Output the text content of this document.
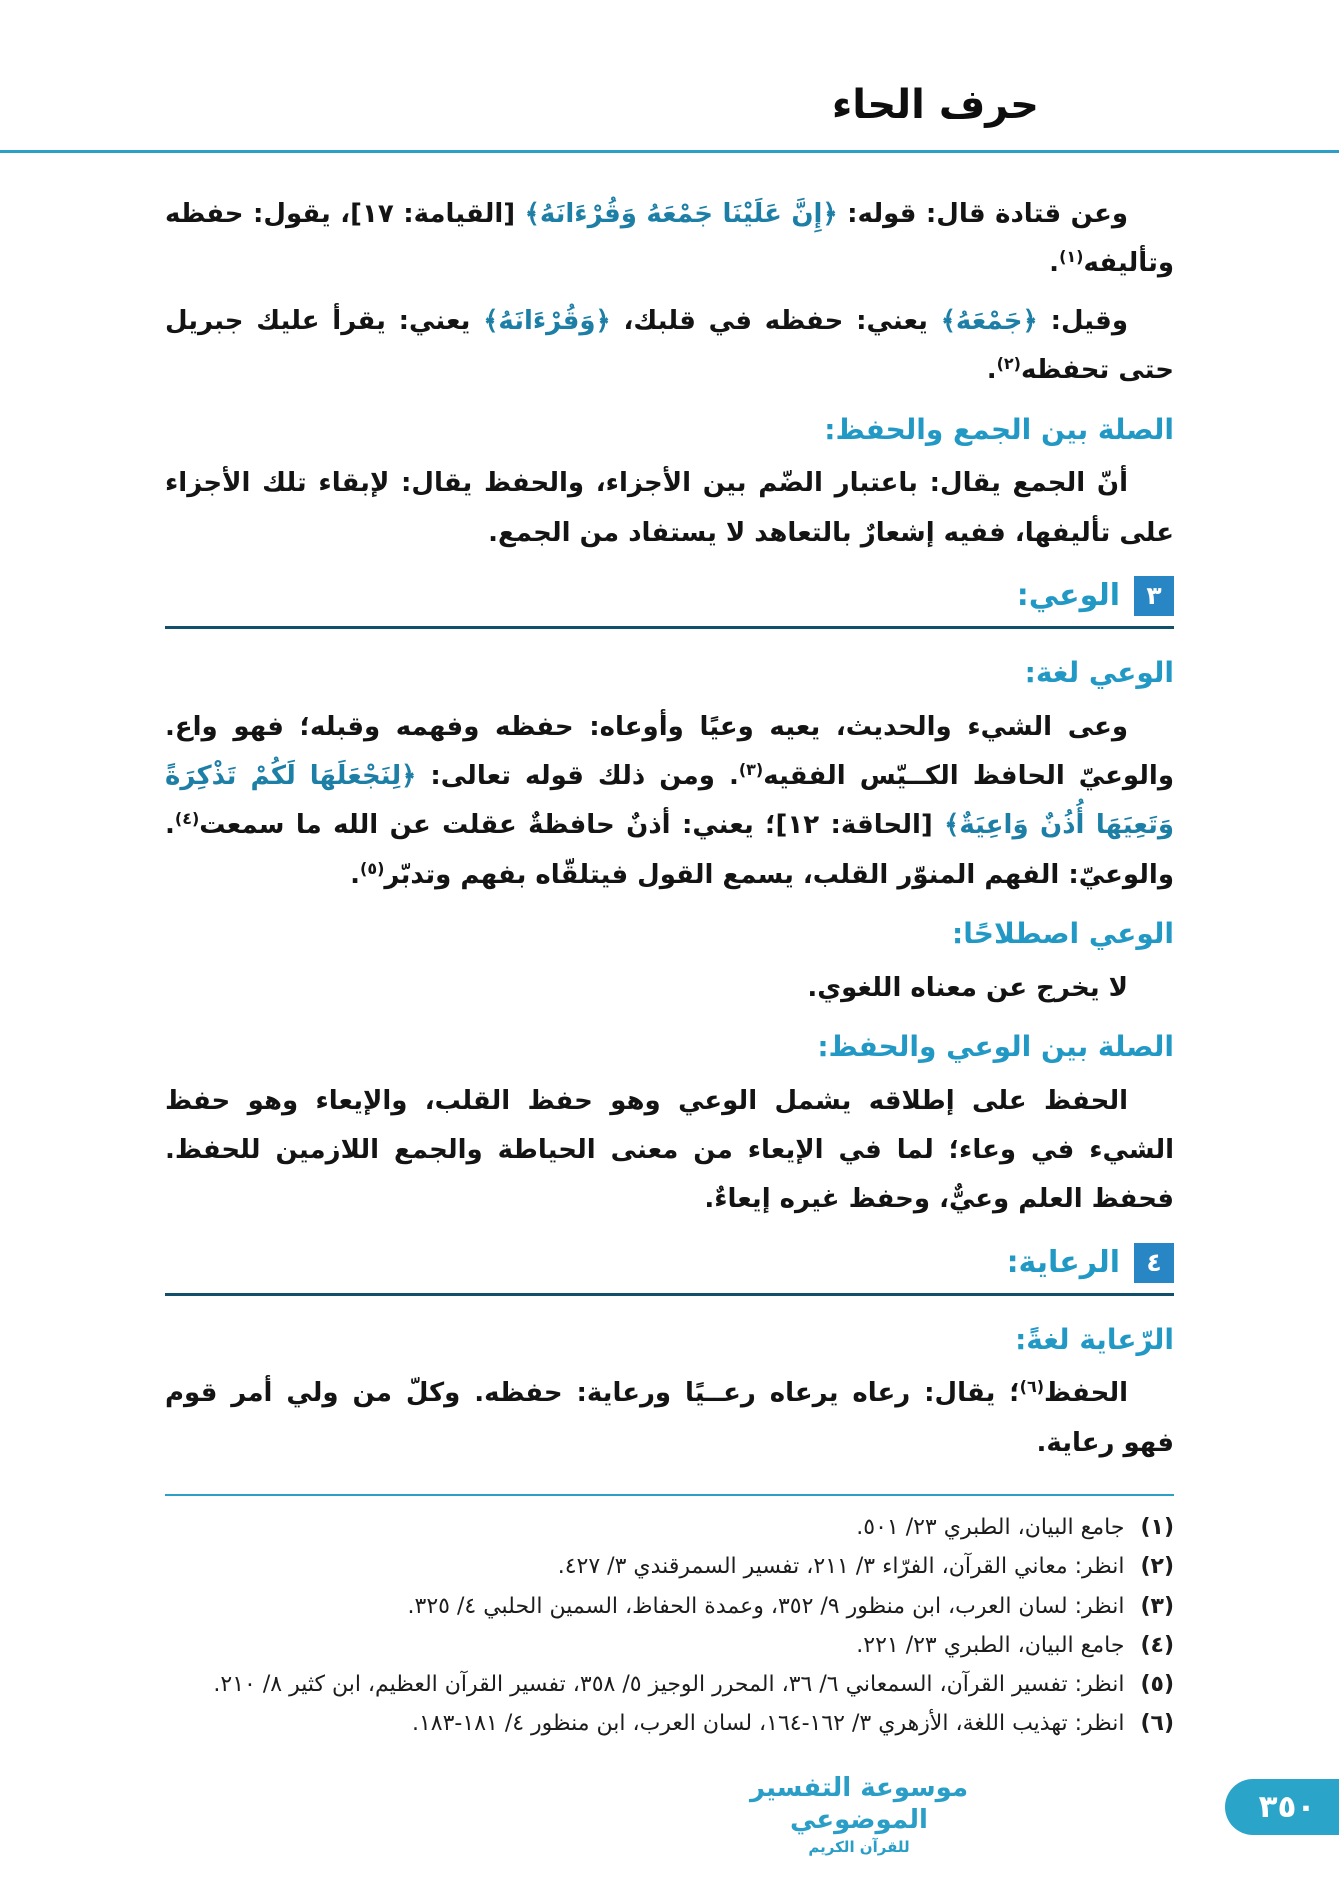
حرف الحاء

وعن قتادة قال: قوله: ﴿إِنَّ عَلَيْنَا جَمْعَهُ وَقُرْءَانَهُ﴾ [القيامة: ١٧]، يقول: حفظه وتأليفه$^{(١)}$.

وقيل: ﴿جَمْعَهُ﴾ يعني: حفظه في قلبك، ﴿وَقُرْءَانَهُ﴾ يعني: يقرأ عليك جبريل حتى تحفظه$^{(٢)}$.

الصلة بين الجمع والحفظ:

أنّ الجمع يقال: باعتبار الضّم بين الأجزاء، والحفظ يقال: لإبقاء تلك الأجزاء على تأليفها، ففيه إشعارٌ بالتعاهد لا يستفاد من الجمع.

٣
الوعي:
الوعي لغة:

وعى الشيء والحديث، يعيه وعيًا وأوعاه: حفظه وفهمه وقبله؛ فهو واع. والوعيّ الحافظ الكــيّس الفقيه$^{(٣)}$. ومن ذلك قوله تعالى: ﴿لِنَجْعَلَهَا لَكُمْ تَذْكِرَةً وَتَعِيَهَا أُذُنٌ وَاعِيَةٌ﴾ [الحاقة: ١٢]؛ يعني: أذنٌ حافظةٌ عقلت عن الله ما سمعت$^{(٤)}$. والوعيّ: الفهم المنوّر القلب، يسمع القول فيتلقّاه بفهم وتدبّر$^{(٥)}$.

الوعي اصطلاحًا:

لا يخرج عن معناه اللغوي.

الصلة بين الوعي والحفظ:

الحفظ على إطلاقه يشمل الوعي وهو حفظ القلب، والإيعاء وهو حفظ الشيء في وعاء؛ لما في الإيعاء من معنى الحياطة والجمع اللازمين للحفظ. فحفظ العلم وعيٌّ، وحفظ غيره إيعاءٌ.

٤
الرعاية:
الرّعاية لغةً:

الحفظ$^{(٦)}$؛ يقال: رعاه يرعاه رعــيًا ورعاية: حفظه. وكلّ من ولي أمر قوم فهو رعاية.

(١)
جامع البيان، الطبري ٢٣/ ٥٠١.
(٢)
انظر: معاني القرآن، الفرّاء ٣/ ٢١١، تفسير السمرقندي ٣/ ٤٢٧.
(٣)
انظر: لسان العرب، ابن منظور ٩/ ٣٥٢، وعمدة الحفاظ، السمين الحلبي ٤/ ٣٢٥.
(٤)
جامع البيان، الطبري ٢٣/ ٢٢١.
(٥)
انظر: تفسير القرآن، السمعاني ٦/ ٣٦، المحرر الوجيز ٥/ ٣٥٨، تفسير القرآن العظيم، ابن كثير ٨/ ٢١٠.
(٦)
انظر: تهذيب اللغة، الأزهري ٣/ ١٦٢-١٦٤، لسان العرب، ابن منظور ٤/ ١٨١-١٨٣.
موسوعة التفسير الموضوعي
للقرآن الكريم
٣٥٠
